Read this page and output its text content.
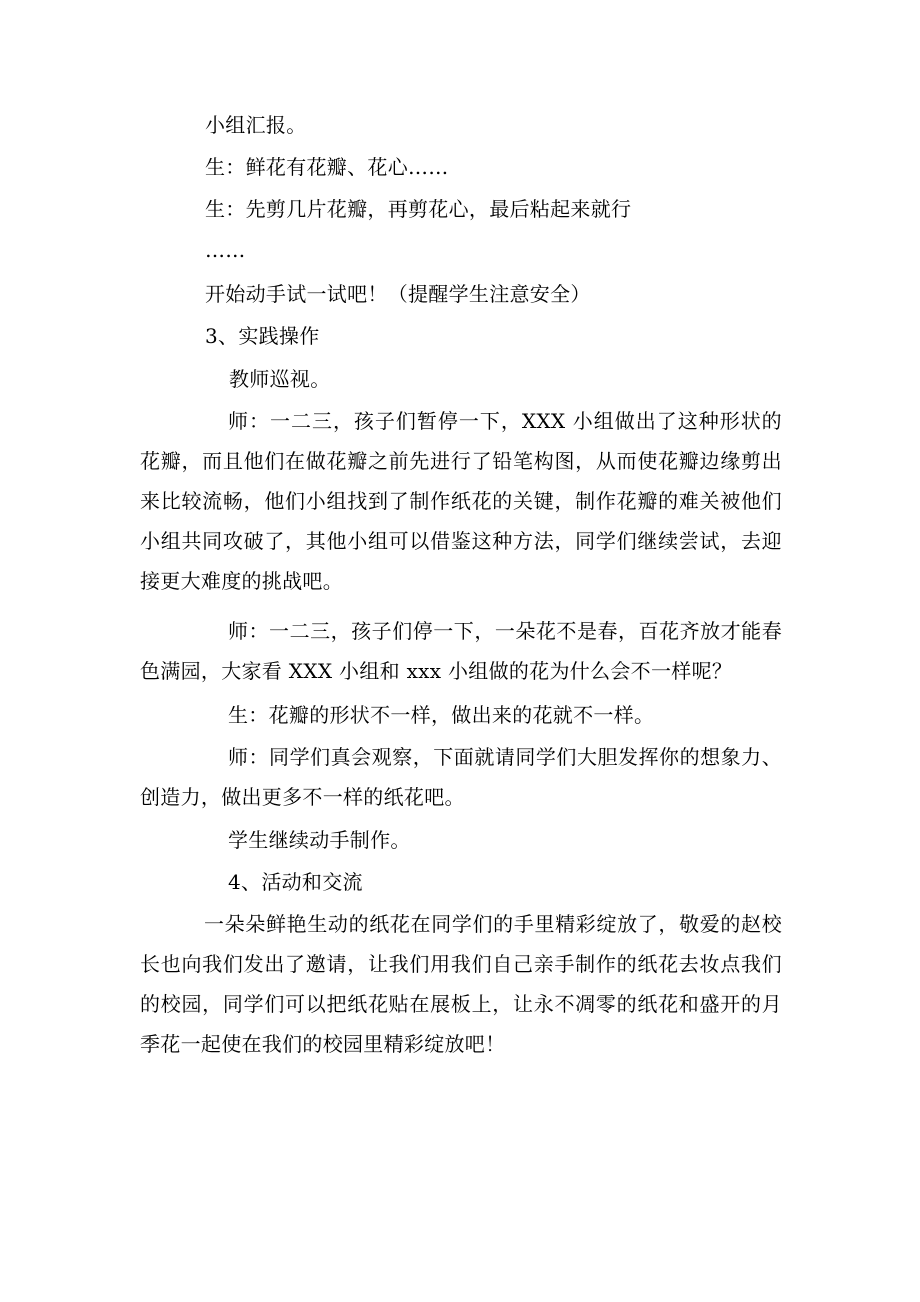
小组汇报。
生：鲜花有花瓣、花心……
生：先剪几片花瓣，再剪花心，最后粘起来就行
……
开始动手试一试吧！（提醒学生注意安全）
3、实践操作
教师巡视。
师：一二三，孩子们暂停一下，XXX 小组做出了这种形状的花瓣，而且他们在做花瓣之前先进行了铅笔构图，从而使花瓣边缘剪出来比较流畅，他们小组找到了制作纸花的关键，制作花瓣的难关被他们小组共同攻破了，其他小组可以借鉴这种方法，同学们继续尝试，去迎接更大难度的挑战吧。
师：一二三，孩子们停一下，一朵花不是春，百花齐放才能春色满园，大家看 XXX 小组和 xxx 小组做的花为什么会不一样呢？
生：花瓣的形状不一样，做出来的花就不一样。
师：同学们真会观察，下面就请同学们大胆发挥你的想象力、创造力，做出更多不一样的纸花吧。
学生继续动手制作。
4、活动和交流
一朵朵鲜艳生动的纸花在同学们的手里精彩绽放了，敬爱的赵校长也向我们发出了邀请，让我们用我们自己亲手制作的纸花去妆点我们的校园，同学们可以把纸花贴在展板上，让永不凋零的纸花和盛开的月季花一起使在我们的校园里精彩绽放吧！
